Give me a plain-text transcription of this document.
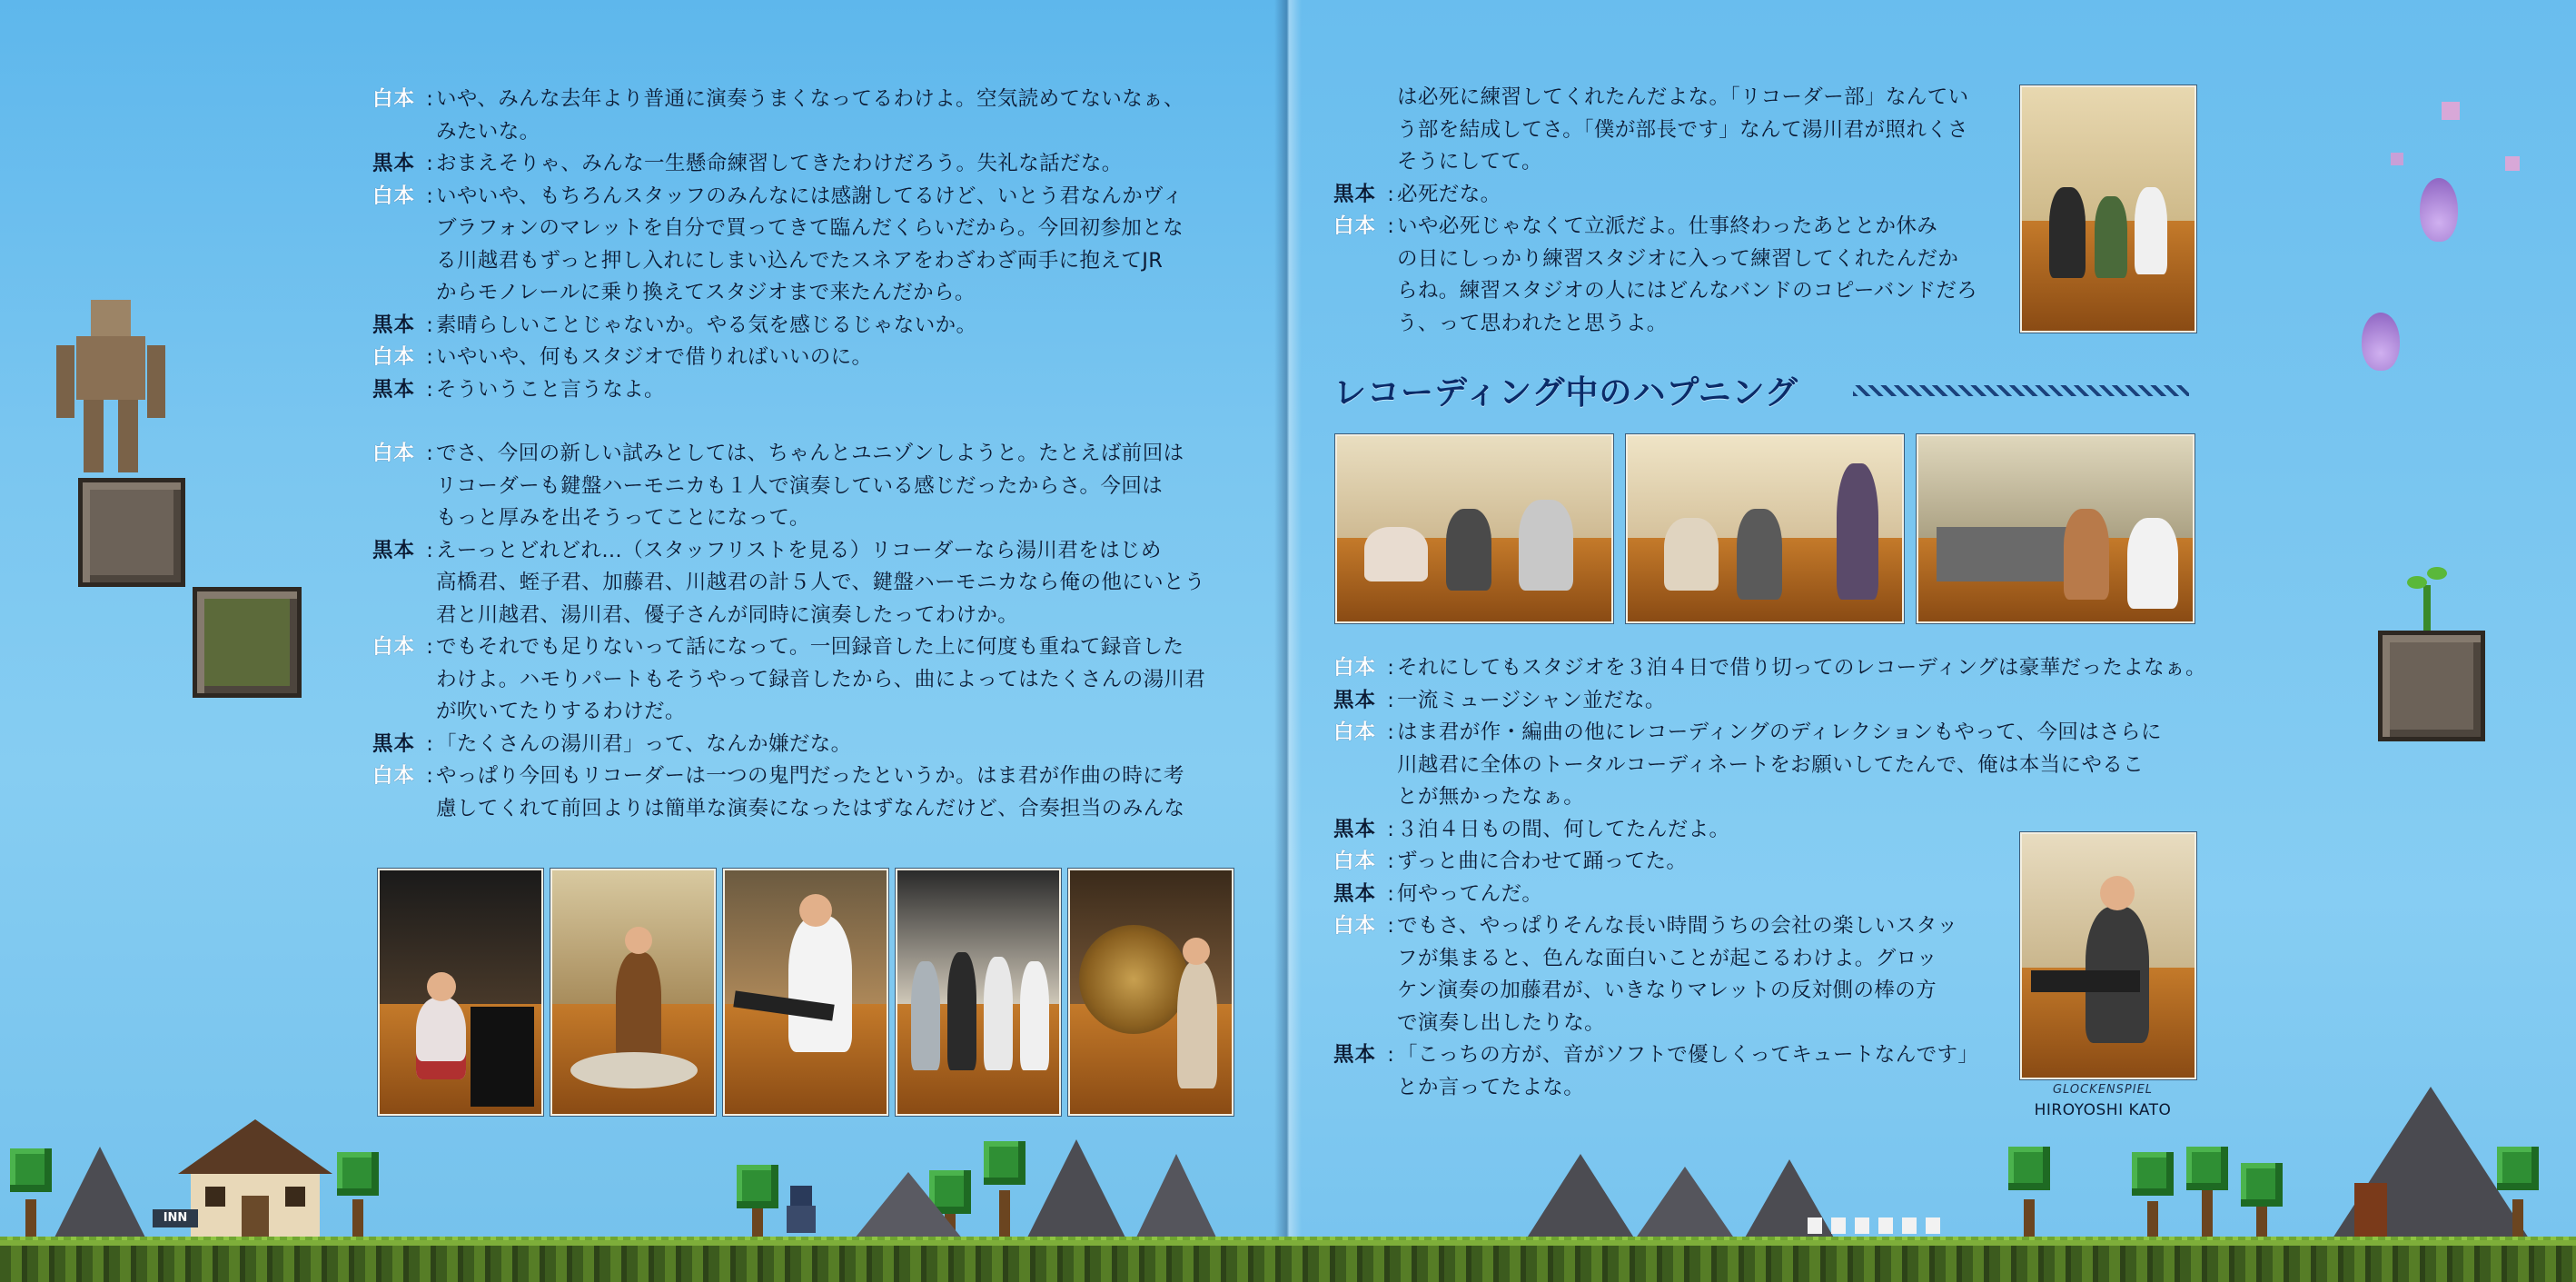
白本 : いや、みんな去年より普通に演奏うまくなってるわけよ。空気読めてないなぁ、
みたいな。
黒本 : おまえそりゃ、みんな一生懸命練習してきたわけだろう。失礼な話だな。
白本 : いやいや、もちろんスタッフのみんなには感謝してるけど、いとう君なんかヴィ
ブラフォンのマレットを自分で買ってきて臨んだくらいだから。今回初参加とな
る川越君もずっと押し入れにしまい込んでたスネアをわざわざ両手に抱えてJR
からモノレールに乗り換えてスタジオまで来たんだから。
黒本 : 素晴らしいことじゃないか。やる気を感じるじゃないか。
白本 : いやいや、何もスタジオで借りればいいのに。
黒本 : そういうこと言うなよ。
白本 : でさ、今回の新しい試みとしては、ちゃんとユニゾンしようと。たとえば前回は
リコーダーも鍵盤ハーモニカも１人で演奏している感じだったからさ。今回は
もっと厚みを出そうってことになって。
黒本 : えーっとどれどれ…（スタッフリストを見る）リコーダーなら湯川君をはじめ
高橋君、蛭子君、加藤君、川越君の計５人で、鍵盤ハーモニカなら俺の他にいとう
君と川越君、湯川君、優子さんが同時に演奏したってわけか。
白本 : でもそれでも足りないって話になって。一回録音した上に何度も重ねて録音した
わけよ。ハモりパートもそうやって録音したから、曲によってはたくさんの湯川君
が吹いてたりするわけだ。
黒本 : 「たくさんの湯川君」って、なんか嫌だな。
白本 : やっぱり今回もリコーダーは一つの鬼門だったというか。はま君が作曲の時に考
慮してくれて前回よりは簡単な演奏になったはずなんだけど、合奏担当のみんな
INN
は必死に練習してくれたんだよな。「リコーダー部」なんてい
う部を結成してさ。「僕が部長です」なんて湯川君が照れくさ
そうにしてて。
黒本 : 必死だな。
白本 : いや必死じゃなくて立派だよ。仕事終わったあととか休み
の日にしっかり練習スタジオに入って練習してくれたんだか
らね。練習スタジオの人にはどんなバンドのコピーバンドだろ
う、って思われたと思うよ。
白本 : それにしてもスタジオを３泊４日で借り切ってのレコーディングは豪華だったよなぁ。
黒本 : 一流ミュージシャン並だな。
白本 : はま君が作・編曲の他にレコーディングのディレクションもやって、今回はさらに
川越君に全体のトータルコーディネートをお願いしてたんで、俺は本当にやるこ
とが無かったなぁ。
黒本 : ３泊４日もの間、何してたんだよ。
白本 : ずっと曲に合わせて踊ってた。
黒本 : 何やってんだ。
白本 : でもさ、やっぱりそんな長い時間うちの会社の楽しいスタッ
フが集まると、色んな面白いことが起こるわけよ。グロッ
ケン演奏の加藤君が、いきなりマレットの反対側の棒の方
で演奏し出したりな。
黒本 : 「こっちの方が、音がソフトで優しくってキュートなんです」
とか言ってたよな。
レコーディング中のハプニング
GLOCKENSPIEL
HIROYOSHI KATO
